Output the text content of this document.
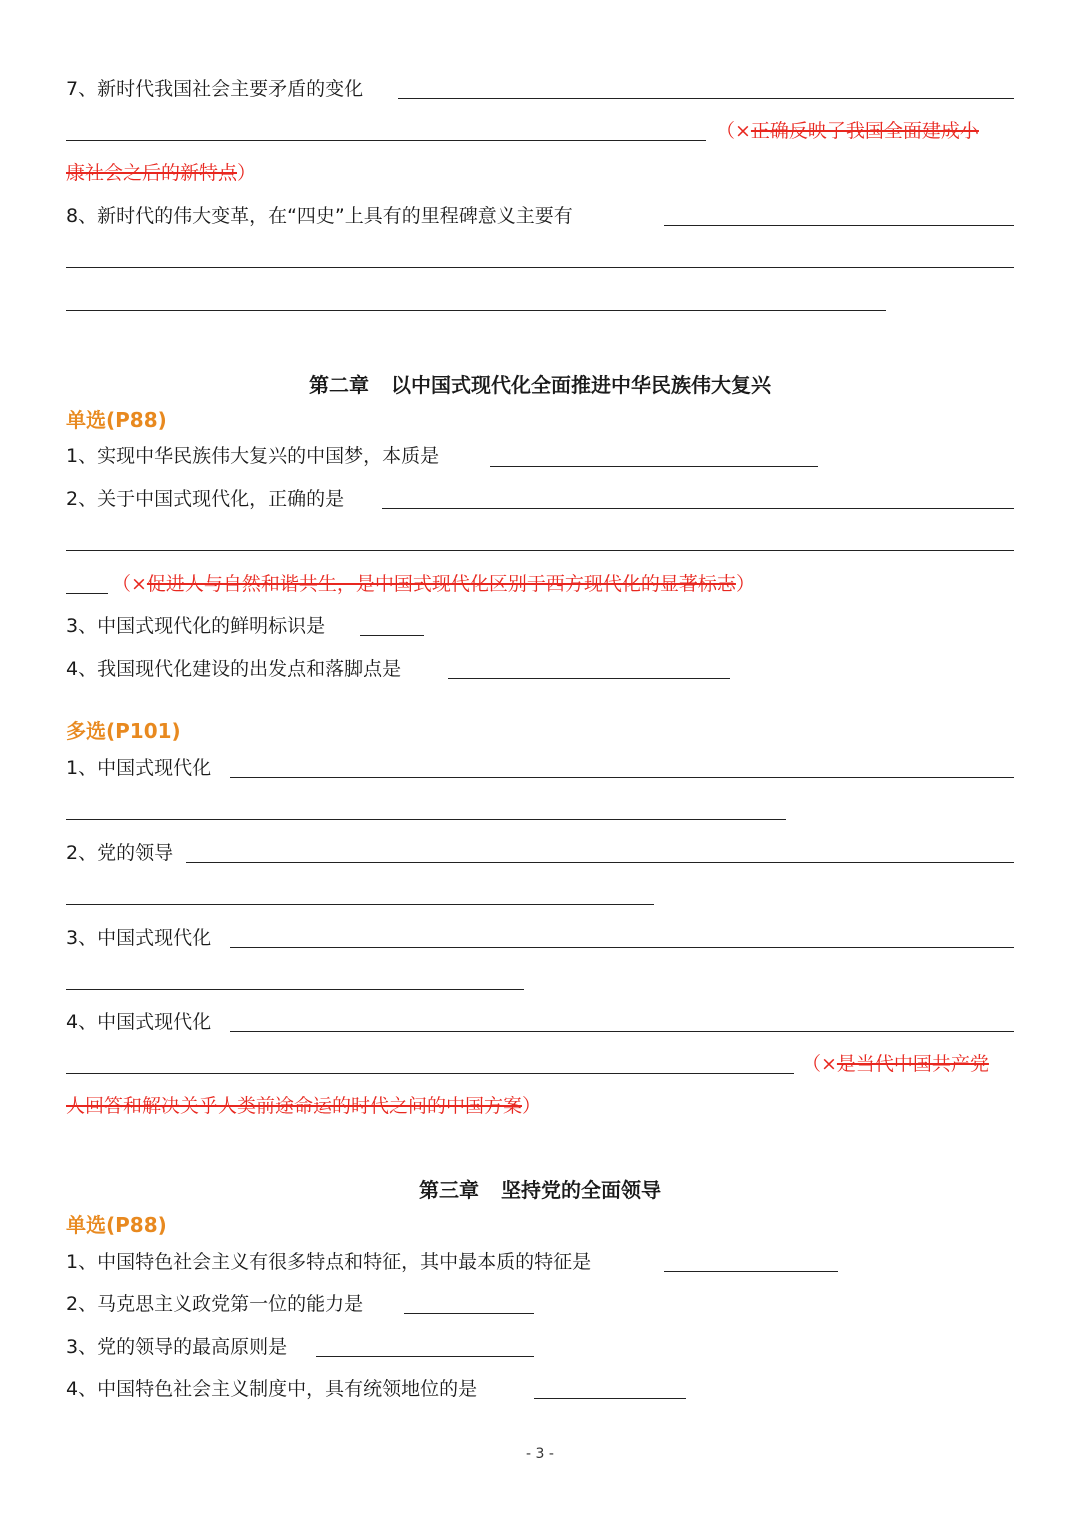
7、新时代我国社会主要矛盾的变化
（×正确反映了我国全面建成小
康社会之后的新特点）
8、新时代的伟大变革，在“四史”上具有的里程碑意义主要有
第二章 以中国式现代化全面推进中华民族伟大复兴
单选(P88)
1、实现中华民族伟大复兴的中国梦，本质是
2、关于中国式现代化，正确的是
（×促进人与自然和谐共生，是中国式现代化区别于西方现代化的显著标志）
3、中国式现代化的鲜明标识是
4、我国现代化建设的出发点和落脚点是
多选(P101)
1、中国式现代化
2、党的领导
3、中国式现代化
4、中国式现代化
（×是当代中国共产党
人回答和解决关乎人类前途命运的时代之问的中国方案）
第三章 坚持党的全面领导
单选(P88)
1、中国特色社会主义有很多特点和特征，其中最本质的特征是
2、马克思主义政党第一位的能力是
3、党的领导的最高原则是
4、中国特色社会主义制度中，具有统领地位的是
- 3 -
